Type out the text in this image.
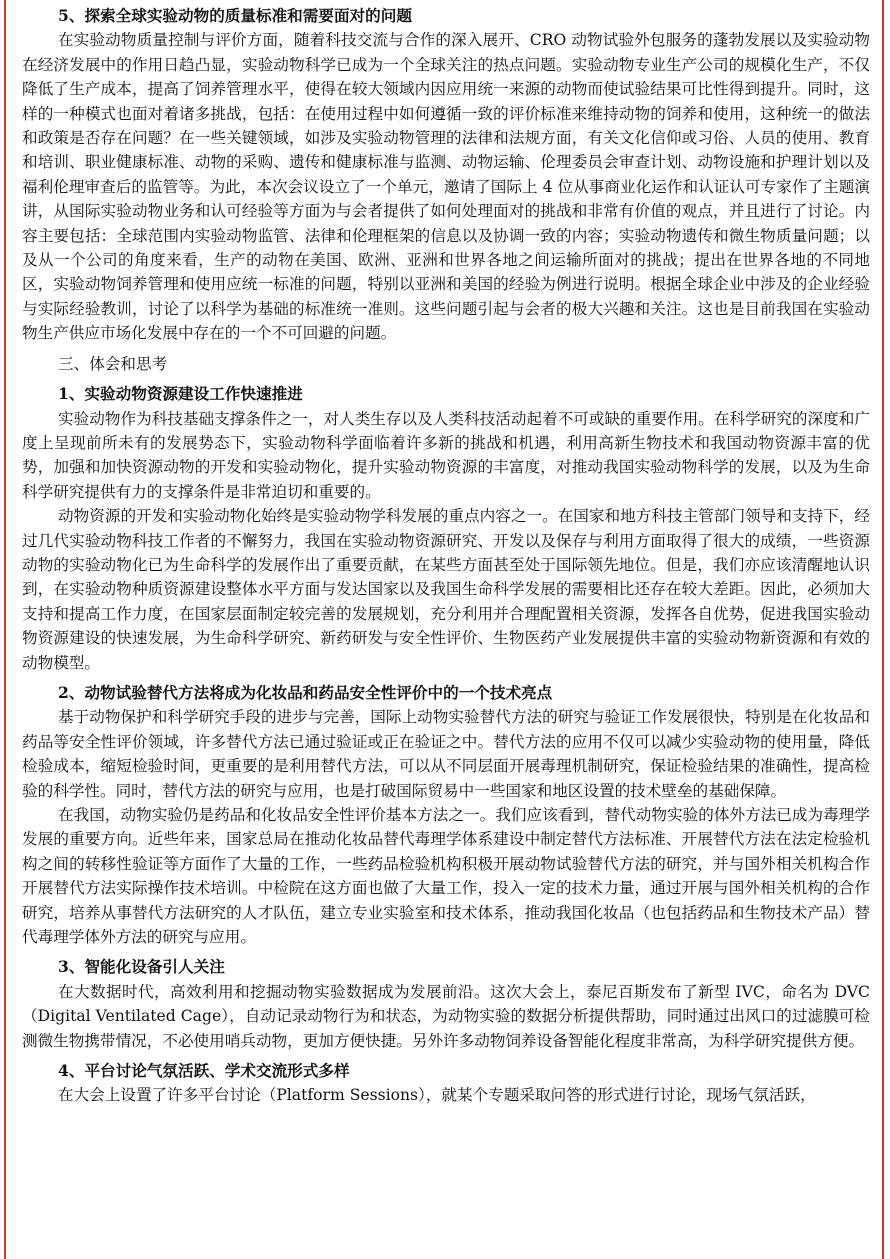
5、探索全球实验动物的质量标准和需要面对的问题

在实验动物质量控制与评价方面，随着科技交流与合作的深入展开、CRO 动物试验外包服务的蓬勃发展以及实验动物在经济发展中的作用日趋凸显，实验动物科学已成为一个全球关注的热点问题。实验动物专业生产公司的规模化生产，不仅降低了生产成本，提高了饲养管理水平，使得在较大领域内因应用统一来源的动物而使试验结果可比性得到提升。同时，这样的一种模式也面对着诸多挑战，包括：在使用过程中如何遵循一致的评价标准来维持动物的饲养和使用，这种统一的做法和政策是否存在问题？在一些关键领域，如涉及实验动物管理的法律和法规方面，有关文化信仰或习俗、人员的使用、教育和培训、职业健康标准、动物的采购、遗传和健康标准与监测、动物运输、伦理委员会审查计划、动物设施和护理计划以及福利伦理审查后的监管等。为此，本次会议设立了一个单元，邀请了国际上 4 位从事商业化运作和认证认可专家作了主题演讲，从国际实验动物业务和认可经验等方面为与会者提供了如何处理面对的挑战和非常有价值的观点，并且进行了讨论。内容主要包括：全球范围内实验动物监管、法律和伦理框架的信息以及协调一致的内容；实验动物遗传和微生物质量问题；以及从一个公司的角度来看，生产的动物在美国、欧洲、亚洲和世界各地之间运输所面对的挑战；提出在世界各地的不同地区，实验动物饲养管理和使用应统一标准的问题，特别以亚洲和美国的经验为例进行说明。根据全球企业中涉及的企业经验与实际经验教训，讨论了以科学为基础的标准统一准则。这些问题引起与会者的极大兴趣和关注。这也是目前我国在实验动物生产供应市场化发展中存在的一个不可回避的问题。

三、体会和思考
1、实验动物资源建设工作快速推进

实验动物作为科技基础支撑条件之一，对人类生存以及人类科技活动起着不可或缺的重要作用。在科学研究的深度和广度上呈现前所未有的发展势态下，实验动物科学面临着许多新的挑战和机遇，利用高新生物技术和我国动物资源丰富的优势，加强和加快资源动物的开发和实验动物化，提升实验动物资源的丰富度，对推动我国实验动物科学的发展，以及为生命科学研究提供有力的支撑条件是非常迫切和重要的。

动物资源的开发和实验动物化始终是实验动物学科发展的重点内容之一。在国家和地方科技主管部门领导和支持下，经过几代实验动物科技工作者的不懈努力，我国在实验动物资源研究、开发以及保存与利用方面取得了很大的成绩，一些资源动物的实验动物化已为生命科学的发展作出了重要贡献，在某些方面甚至处于国际领先地位。但是，我们亦应该清醒地认识到，在实验动物种质资源建设整体水平方面与发达国家以及我国生命科学发展的需要相比还存在较大差距。因此，必须加大支持和提高工作力度，在国家层面制定较完善的发展规划，充分利用并合理配置相关资源，发挥各自优势，促进我国实验动物资源建设的快速发展，为生命科学研究、新药研发与安全性评价、生物医药产业发展提供丰富的实验动物新资源和有效的动物模型。

2、动物试验替代方法将成为化妆品和药品安全性评价中的一个技术亮点

基于动物保护和科学研究手段的进步与完善，国际上动物实验替代方法的研究与验证工作发展很快，特别是在化妆品和药品等安全性评价领域，许多替代方法已通过验证或正在验证之中。替代方法的应用不仅可以减少实验动物的使用量，降低检验成本，缩短检验时间，更重要的是利用替代方法，可以从不同层面开展毒理机制研究，保证检验结果的准确性，提高检验的科学性。同时，替代方法的研究与应用，也是打破国际贸易中一些国家和地区设置的技术壁垒的基础保障。

在我国，动物实验仍是药品和化妆品安全性评价基本方法之一。我们应该看到，替代动物实验的体外方法已成为毒理学发展的重要方向。近些年来，国家总局在推动化妆品替代毒理学体系建设中制定替代方法标准、开展替代方法在法定检验机构之间的转移性验证等方面作了大量的工作，一些药品检验机构积极开展动物试验替代方法的研究，并与国外相关机构合作开展替代方法实际操作技术培训。中检院在这方面也做了大量工作，投入一定的技术力量，通过开展与国外相关机构的合作研究，培养从事替代方法研究的人才队伍，建立专业实验室和技术体系，推动我国化妆品（也包括药品和生物技术产品）替代毒理学体外方法的研究与应用。

3、智能化设备引人关注

在大数据时代，高效利用和挖掘动物实验数据成为发展前沿。这次大会上，泰尼百斯发布了新型 IVC，命名为 DVC（Digital Ventilated Cage），自动记录动物行为和状态，为动物实验的数据分析提供帮助，同时通过出风口的过滤膜可检测微生物携带情况，不必使用哨兵动物，更加方便快捷。另外许多动物饲养设备智能化程度非常高，为科学研究提供方便。

4、平台讨论气氛活跃、学术交流形式多样

在大会上设置了许多平台讨论（Platform Sessions），就某个专题采取问答的形式进行讨论，现场气氛活跃，
